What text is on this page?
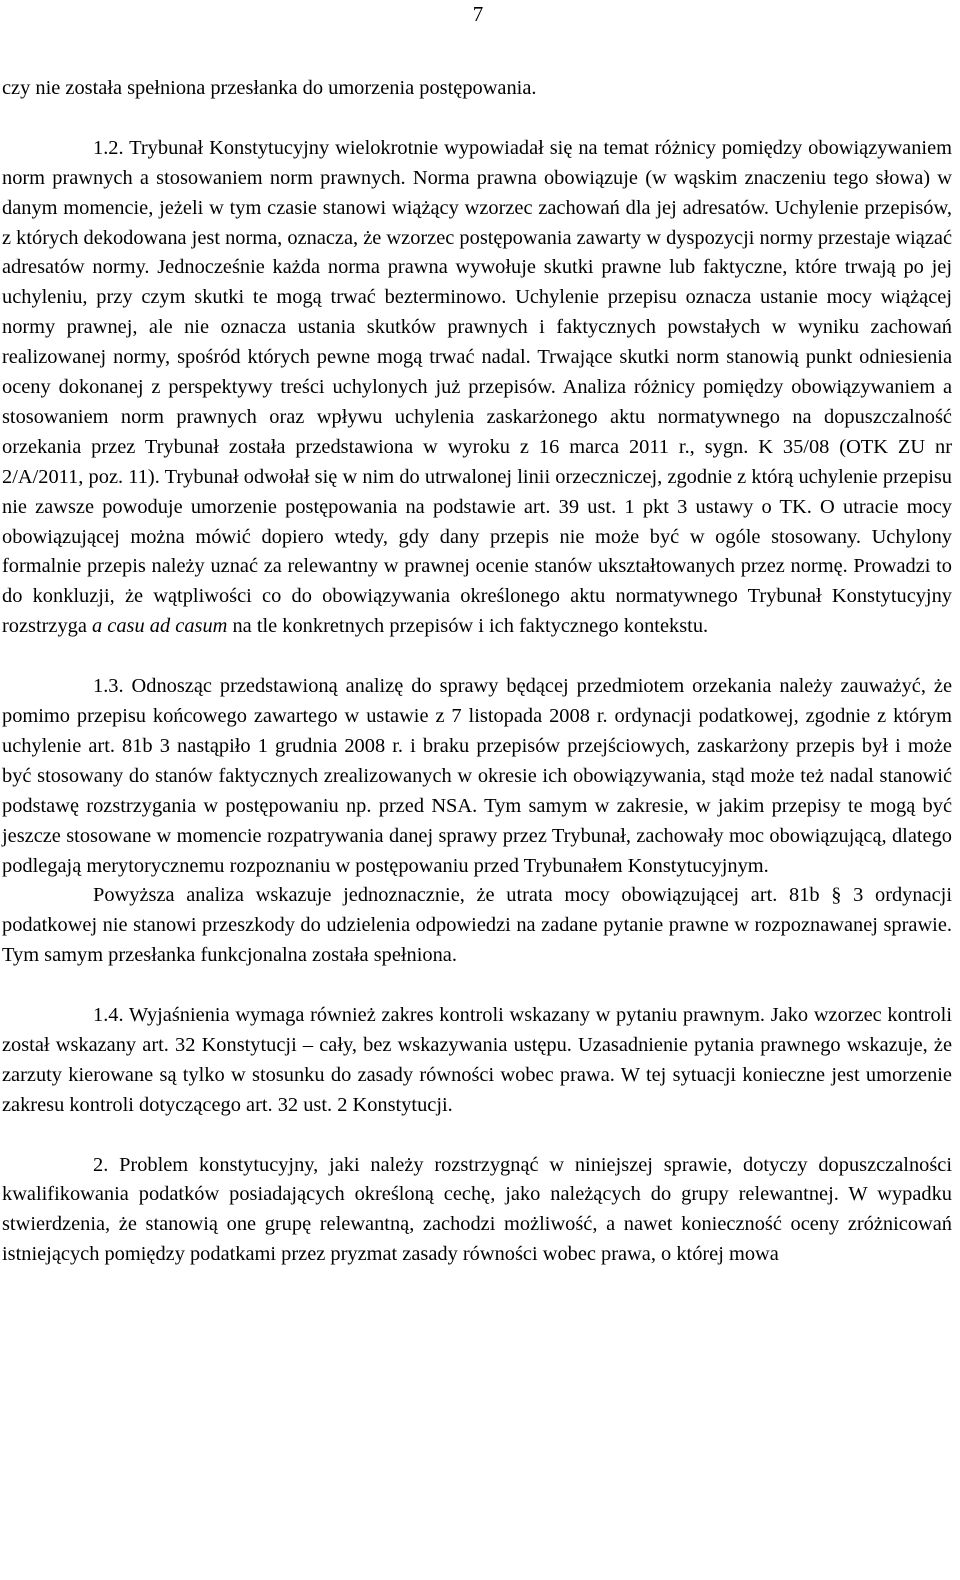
7

czy nie została spełniona przesłanka do umorzenia postępowania.

1.2. Trybunał Konstytucyjny wielokrotnie wypowiadał się na temat różnicy pomiędzy obowiązywaniem norm prawnych a stosowaniem norm prawnych. Norma prawna obowiązuje (w wąskim znaczeniu tego słowa) w danym momencie, jeżeli w tym czasie stanowi wiążący wzorzec zachowań dla jej adresatów. Uchylenie przepisów, z których dekodowana jest norma, oznacza, że wzorzec postępowania zawarty w dyspozycji normy przestaje wiązać adresatów normy. Jednocześnie każda norma prawna wywołuje skutki prawne lub faktyczne, które trwają po jej uchyleniu, przy czym skutki te mogą trwać bezterminowo. Uchylenie przepisu oznacza ustanie mocy wiążącej normy prawnej, ale nie oznacza ustania skutków prawnych i faktycznych powstałych w wyniku zachowań realizowanej normy, spośród których pewne mogą trwać nadal. Trwające skutki norm stanowią punkt odniesienia oceny dokonanej z perspektywy treści uchylonych już przepisów. Analiza różnicy pomiędzy obowiązywaniem a stosowaniem norm prawnych oraz wpływu uchylenia zaskarżonego aktu normatywnego na dopuszczalność orzekania przez Trybunał została przedstawiona w wyroku z 16 marca 2011 r., sygn. K 35/08 (OTK ZU nr 2/A/2011, poz. 11). Trybunał odwołał się w nim do utrwalonej linii orzeczniczej, zgodnie z którą uchylenie przepisu nie zawsze powoduje umorzenie postępowania na podstawie art. 39 ust. 1 pkt 3 ustawy o TK. O utracie mocy obowiązującej można mówić dopiero wtedy, gdy dany przepis nie może być w ogóle stosowany. Uchylony formalnie przepis należy uznać za relewantny w prawnej ocenie stanów ukształtowanych przez normę. Prowadzi to do konkluzji, że wątpliwości co do obowiązywania określonego aktu normatywnego Trybunał Konstytucyjny rozstrzyga a casu ad casum na tle konkretnych przepisów i ich faktycznego kontekstu.

1.3. Odnosząc przedstawioną analizę do sprawy będącej przedmiotem orzekania należy zauważyć, że pomimo przepisu końcowego zawartego w ustawie z 7 listopada 2008 r. ordynacji podatkowej, zgodnie z którym uchylenie art. 81b 3 nastąpiło 1 grudnia 2008 r. i braku przepisów przejściowych, zaskarżony przepis był i może być stosowany do stanów faktycznych zrealizowanych w okresie ich obowiązywania, stąd może też nadal stanowić podstawę rozstrzygania w postępowaniu np. przed NSA. Tym samym w zakresie, w jakim przepisy te mogą być jeszcze stosowane w momencie rozpatrywania danej sprawy przez Trybunał, zachowały moc obowiązującą, dlatego podlegają merytorycznemu rozpoznaniu w postępowaniu przed Trybunałem Konstytucyjnym.

Powyższa analiza wskazuje jednoznacznie, że utrata mocy obowiązującej art. 81b § 3 ordynacji podatkowej nie stanowi przeszkody do udzielenia odpowiedzi na zadane pytanie prawne w rozpoznawanej sprawie. Tym samym przesłanka funkcjonalna została spełniona.

1.4. Wyjaśnienia wymaga również zakres kontroli wskazany w pytaniu prawnym. Jako wzorzec kontroli został wskazany art. 32 Konstytucji – cały, bez wskazywania ustępu. Uzasadnienie pytania prawnego wskazuje, że zarzuty kierowane są tylko w stosunku do zasady równości wobec prawa. W tej sytuacji konieczne jest umorzenie zakresu kontroli dotyczącego art. 32 ust. 2 Konstytucji.

2. Problem konstytucyjny, jaki należy rozstrzygnąć w niniejszej sprawie, dotyczy dopuszczalności kwalifikowania podatków posiadających określoną cechę, jako należących do grupy relewantnej. W wypadku stwierdzenia, że stanowią one grupę relewantną, zachodzi możliwość, a nawet konieczność oceny zróżnicowań istniejących pomiędzy podatkami przez pryzmat zasady równości wobec prawa, o której mowa
